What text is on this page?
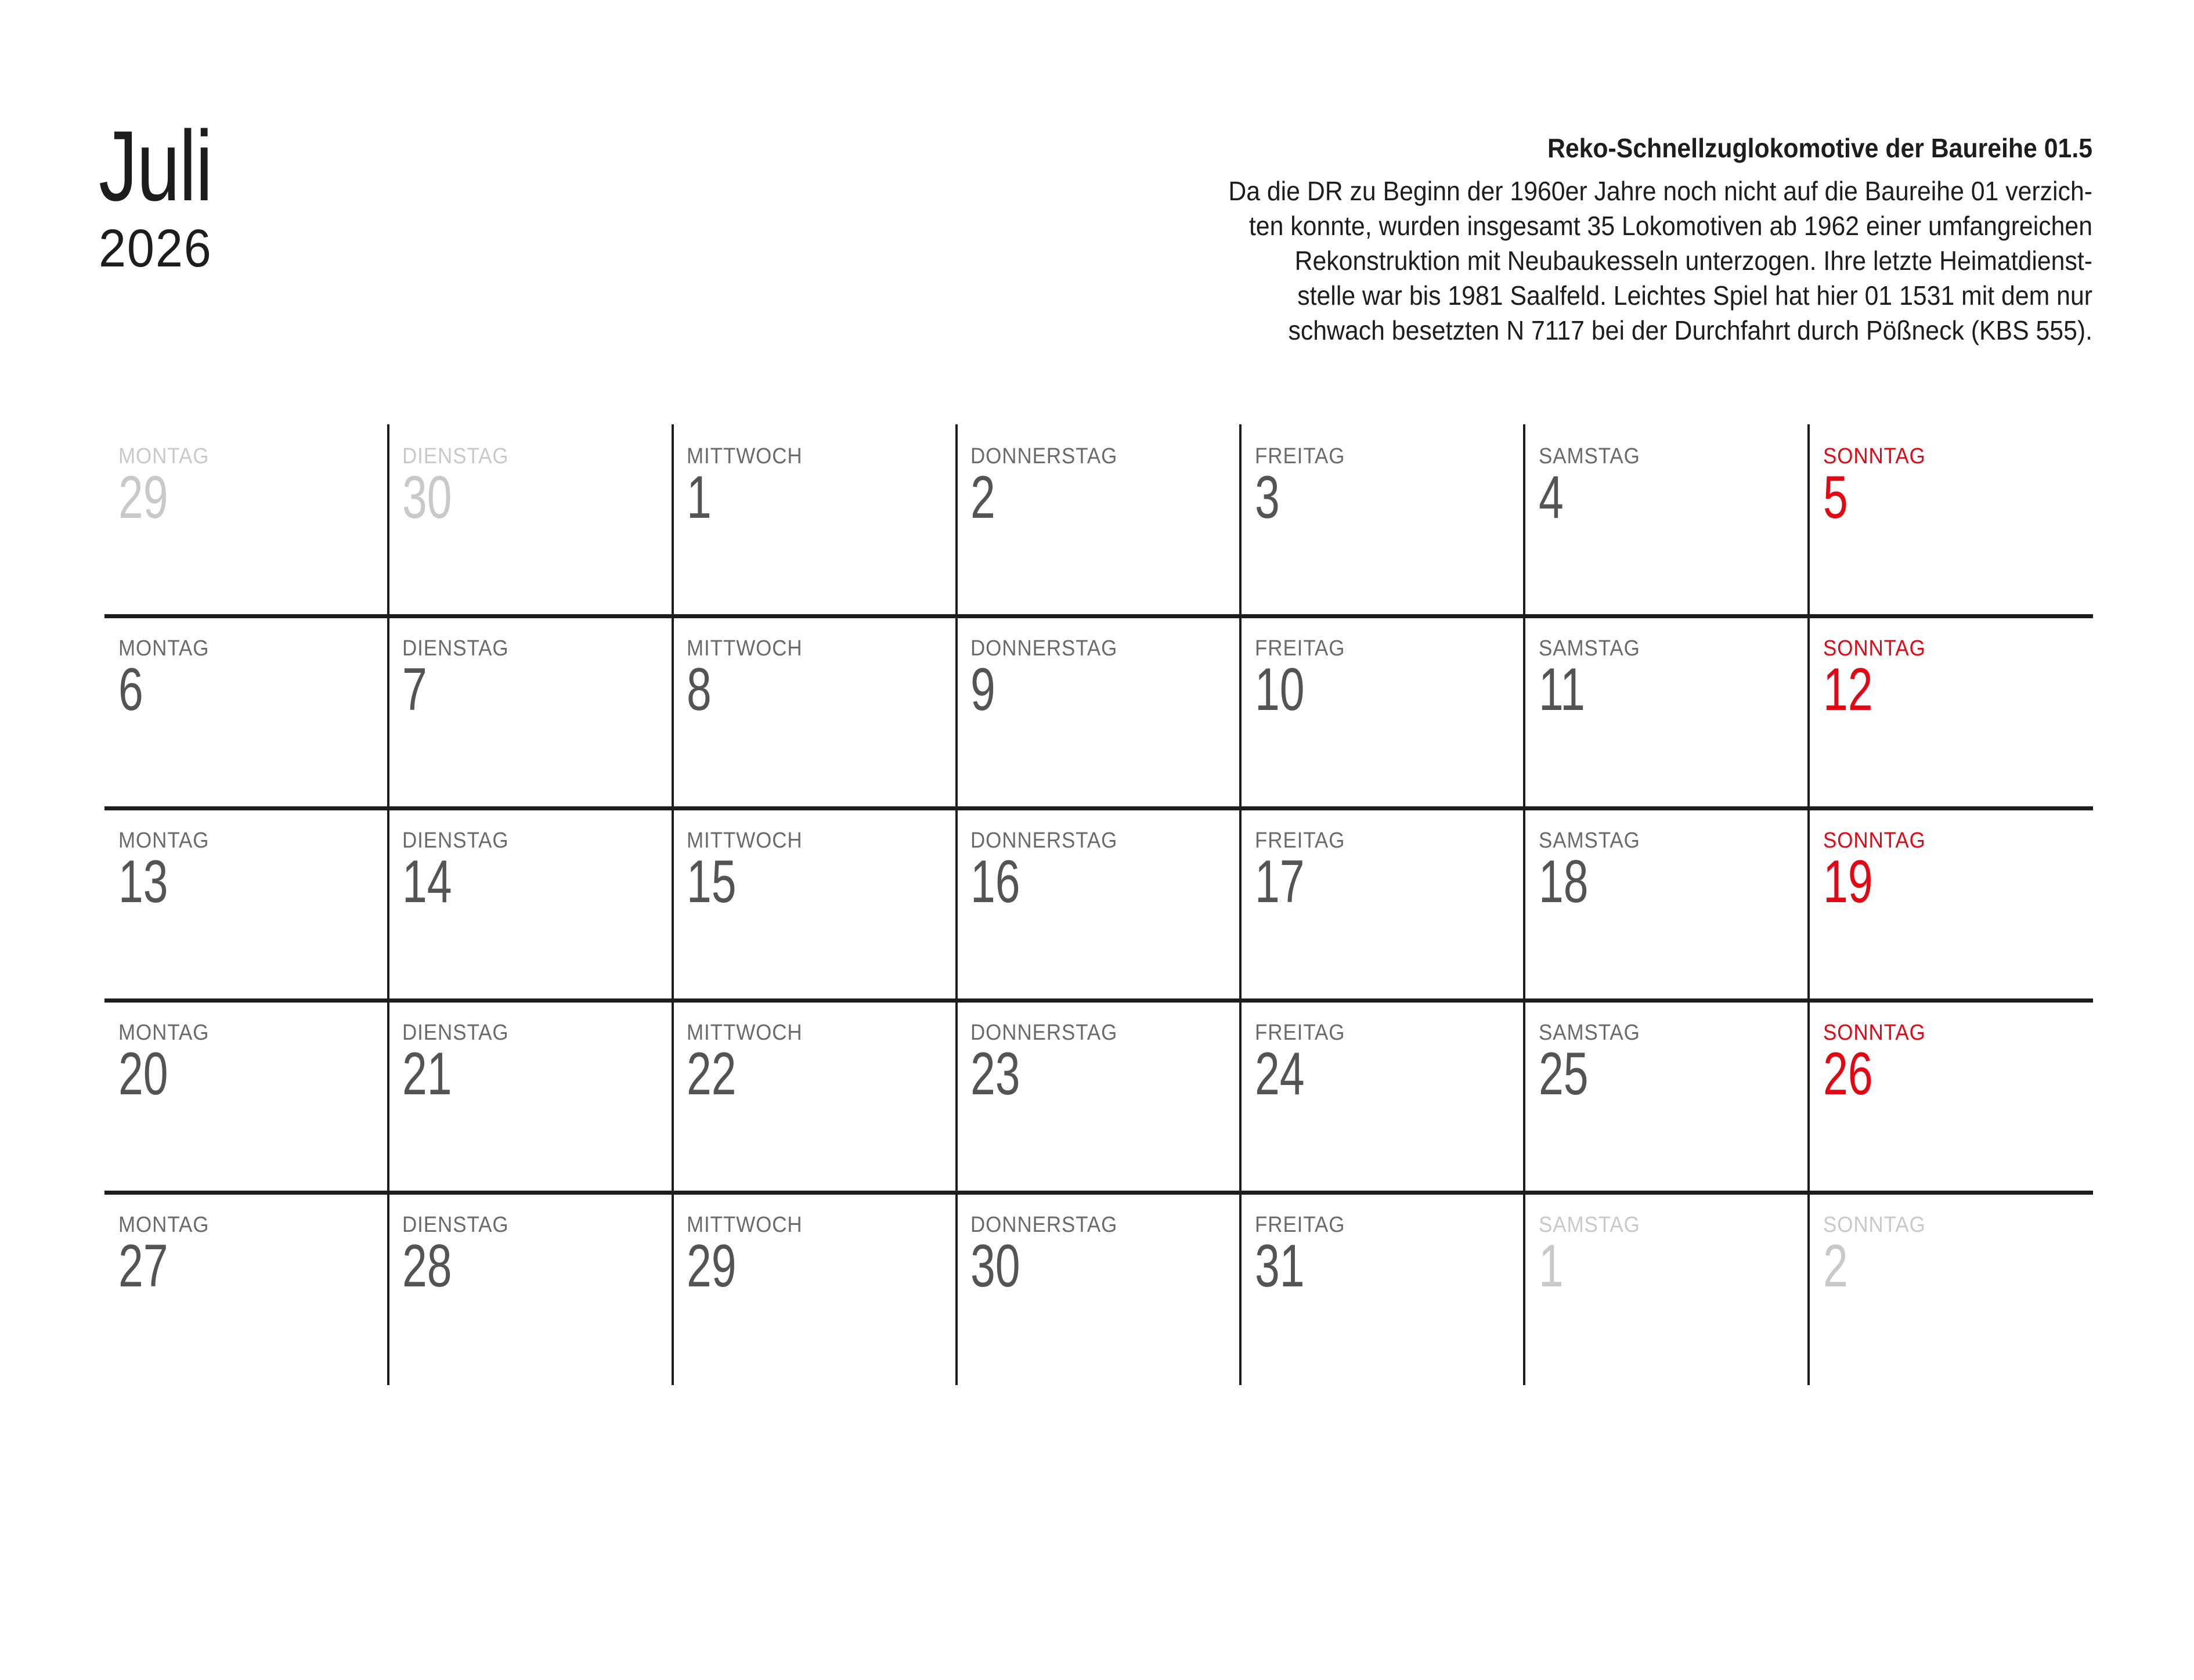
Juli
2026
Reko-Schnellzuglokomotive der Baureihe 01.5
Da die DR zu Beginn der 1960er Jahre noch nicht auf die Baureihe 01 verzich-
ten konnte, wurden insgesamt 35 Lokomotiven ab 1962 einer umfangreichen
Rekonstruktion mit Neubaukesseln unterzogen. Ihre letzte Heimatdienst-
stelle war bis 1981 Saalfeld. Leichtes Spiel hat hier 01 1531 mit dem nur
schwach besetzten N 7117 bei der Durchfahrt durch Pößneck (KBS 555).
MONTAG
29
DIENSTAG
30
MITTWOCH
1
DONNERSTAG
2
FREITAG
3
SAMSTAG
4
SONNTAG
5
MONTAG
6
DIENSTAG
7
MITTWOCH
8
DONNERSTAG
9
FREITAG
10
SAMSTAG
11
SONNTAG
12
MONTAG
13
DIENSTAG
14
MITTWOCH
15
DONNERSTAG
16
FREITAG
17
SAMSTAG
18
SONNTAG
19
MONTAG
20
DIENSTAG
21
MITTWOCH
22
DONNERSTAG
23
FREITAG
24
SAMSTAG
25
SONNTAG
26
MONTAG
27
DIENSTAG
28
MITTWOCH
29
DONNERSTAG
30
FREITAG
31
SAMSTAG
1
SONNTAG
2
